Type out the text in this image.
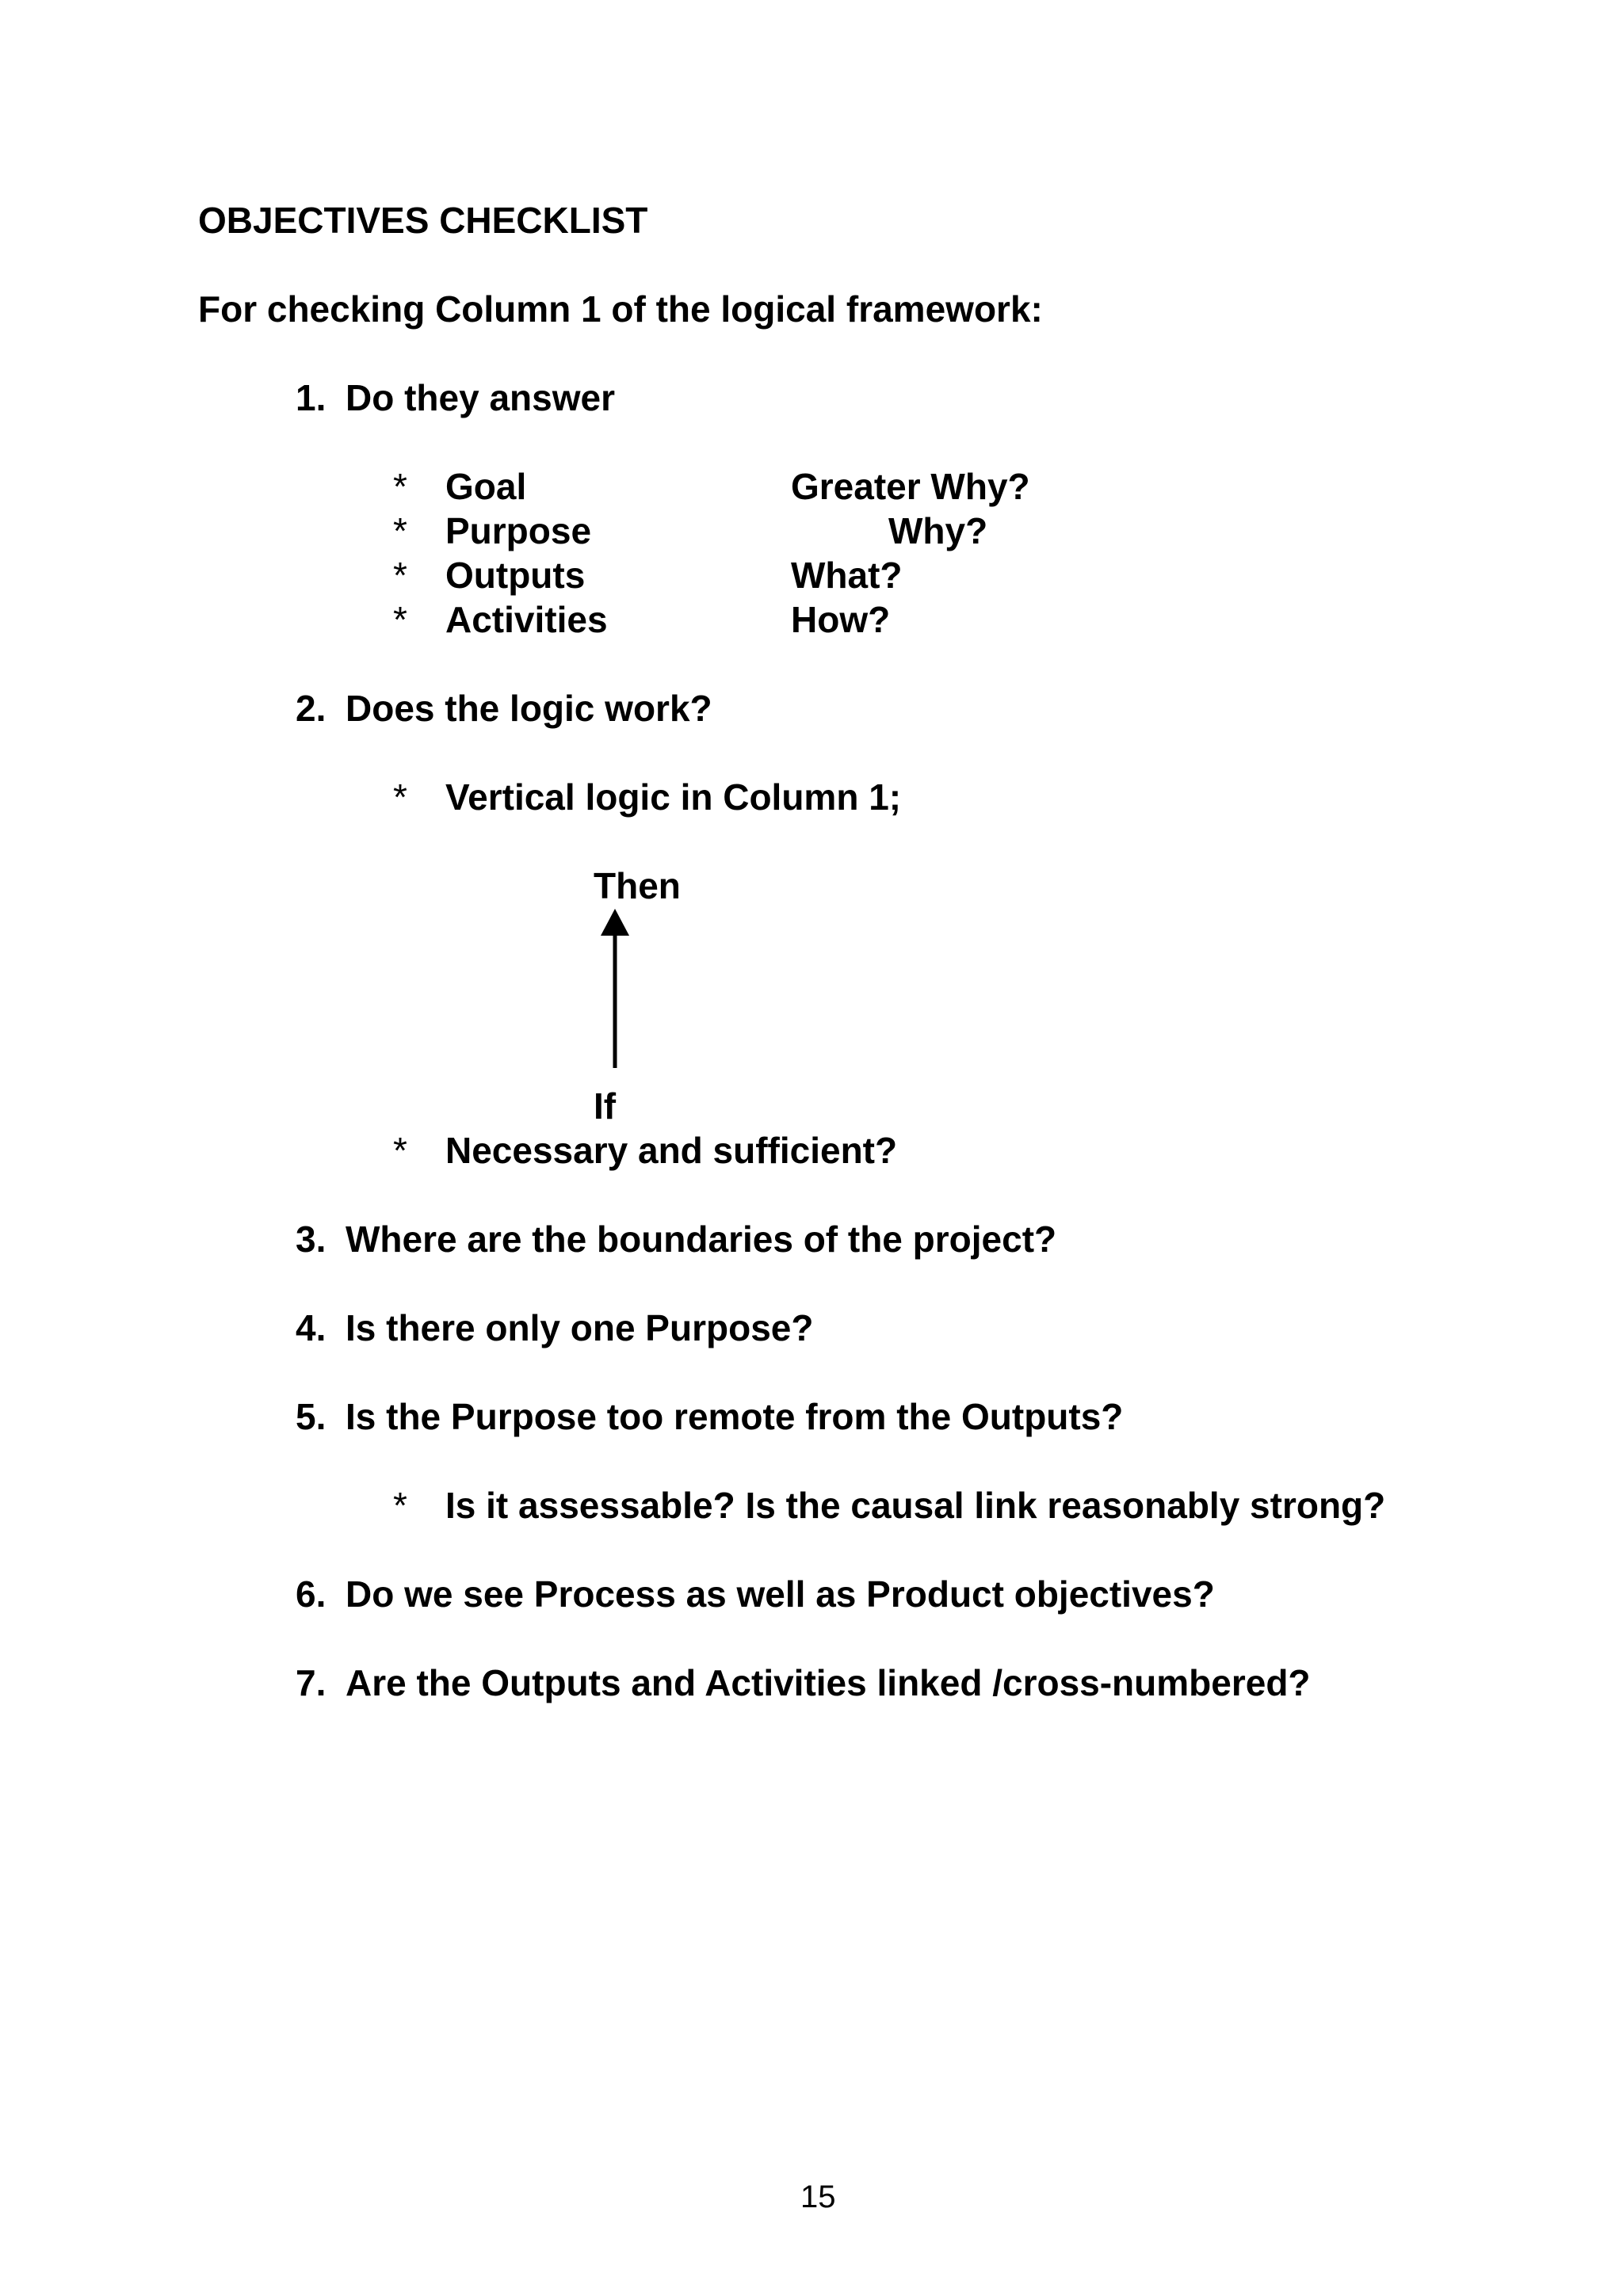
OBJECTIVES CHECKLIST
For checking Column 1 of the logical framework:
1. Do they answer
* Goal	Greater Why?
* Purpose	Why?
* Outputs	What?
* Activities	How?
2. Does the logic work?
* Vertical logic in Column 1;
Then
If
* Necessary and sufficient?
3. Where are the boundaries of the project?
4. Is there only one Purpose?
5. Is the Purpose too remote from the Outputs?
* Is it assessable? Is the causal link reasonably strong?
6. Do we see Process as well as Product objectives?
7. Are the Outputs and Activities linked /cross-numbered?
15
